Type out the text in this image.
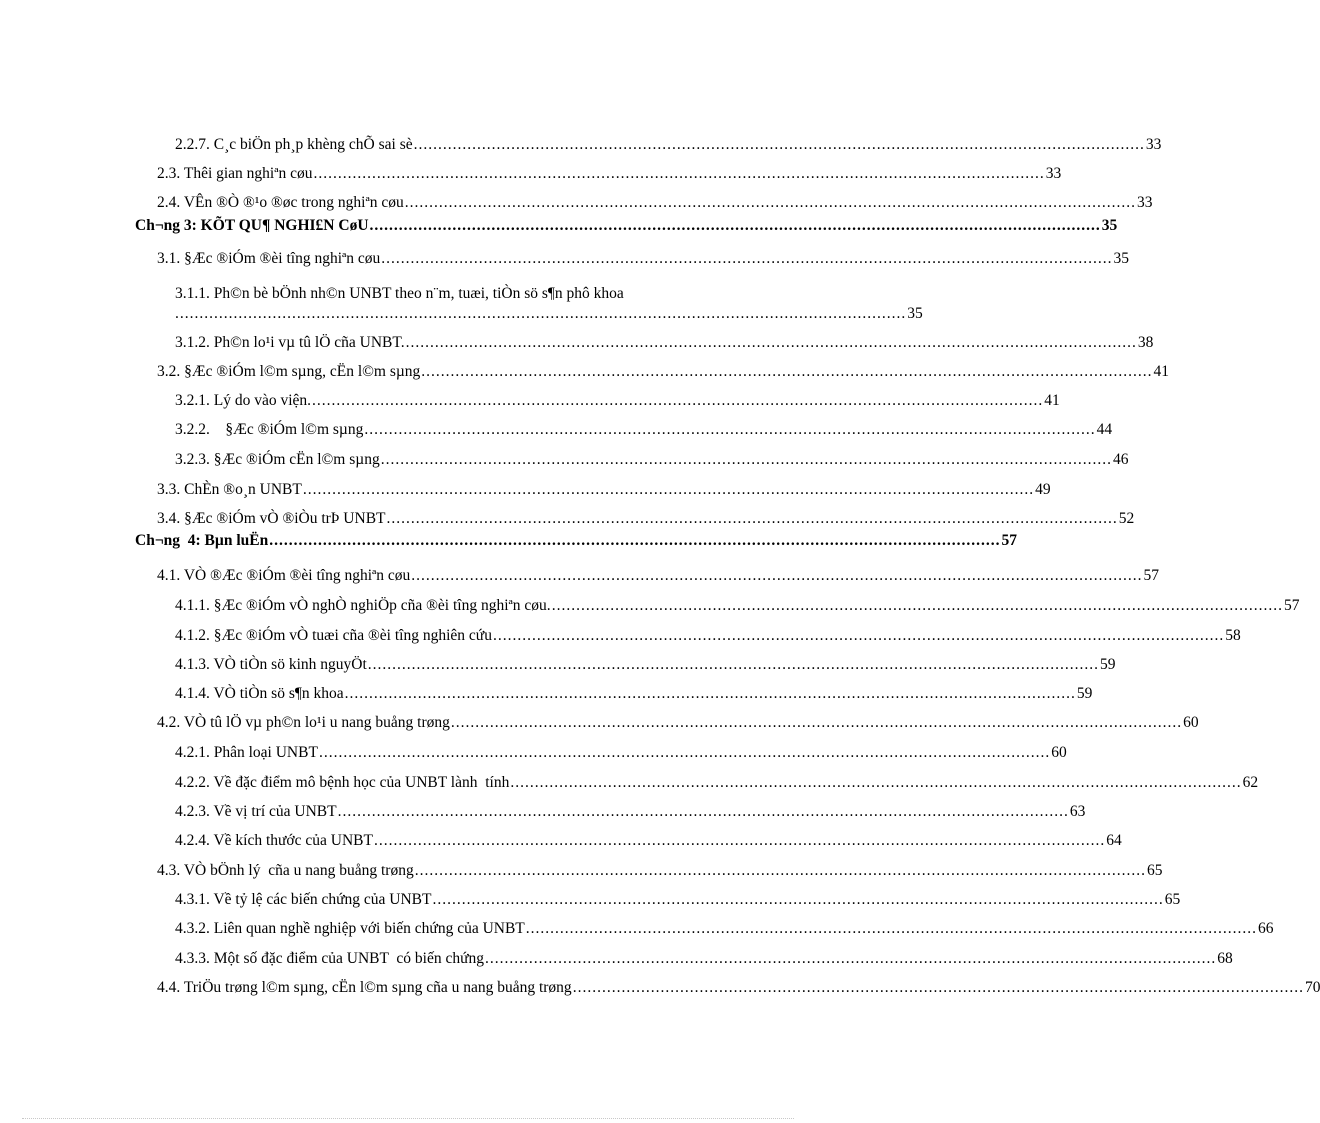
2.2.7. C¸c biÖn ph¸p khèng chÕ sai sè ...................................................................................................................................................... 33
2.3. Thêi gian nghiªn cøu ...................................................................................................................................................... 33
2.4. VÊn ®Ò ®¹o ®øc trong nghiªn cøu ...................................................................................................................................................... 33
Ch¬ng 3: KÕT QU¶ NGHI£N CøU ...................................................................................................................................................... 35
3.1. §Æc ®iÓm ®èi tîng nghiªn cøu ...................................................................................................................................................... 35
3.1.1. Ph©n bè bÖnh nh©n UNBT theo n¨m, tuæi, tiÒn sö s¶n phô khoa
...................................................................................................................................................... 35
3.1.2. Ph©n lo¹i vµ tû lÖ cña UNBT. ...................................................................................................................................................... 38
3.2. §Æc ®iÓm l©m sµng, cËn l©m sµng ...................................................................................................................................................... 41
3.2.1. Lý do vào viện. ...................................................................................................................................................... 41
3.2.2.    §Æc ®iÓm l©m sµng ...................................................................................................................................................... 44
3.2.3. §Æc ®iÓm cËn l©m sµng ...................................................................................................................................................... 46
3.3. ChÈn ®o¸n UNBT ...................................................................................................................................................... 49
3.4. §Æc ®iÓm vÒ ®iÒu trÞ UNBT ...................................................................................................................................................... 52
Ch¬ng  4: Bµn luËn ...................................................................................................................................................... 57
4.1. VÒ ®Æc ®iÓm ®èi tîng nghiªn cøu ...................................................................................................................................................... 57
4.1.1. §Æc ®iÓm vÒ nghÒ nghiÖp cña ®èi tîng nghiªn cøu. ...................................................................................................................................................... 57
4.1.2. §Æc ®iÓm vÒ tuæi cña ®èi tîng nghiên cứu ...................................................................................................................................................... 58
4.1.3. VÒ tiÒn sö kinh nguyÖt ...................................................................................................................................................... 59
4.1.4. VÒ tiÒn sö s¶n khoa ...................................................................................................................................................... 59
4.2. VÒ tû lÖ vµ ph©n lo¹i u nang buång trøng ...................................................................................................................................................... 60
4.2.1. Phân loại UNBT ...................................................................................................................................................... 60
4.2.2. Về đặc điểm mô bệnh học của UNBT lành  tính ...................................................................................................................................................... 62
4.2.3. Về vị trí của UNBT ...................................................................................................................................................... 63
4.2.4. Về kích thước của UNBT ...................................................................................................................................................... 64
4.3. VÒ bÖnh lý  cña u nang buång trøng ...................................................................................................................................................... 65
4.3.1. Về tỷ lệ các biến chứng của UNBT ...................................................................................................................................................... 65
4.3.2. Liên quan nghề nghiệp với biến chứng của UNBT ...................................................................................................................................................... 66
4.3.3. Một số đặc điểm của UNBT  có biến chứng ...................................................................................................................................................... 68
4.4. TriÖu trøng l©m sµng, cËn l©m sµng cña u nang buång trøng ...................................................................................................................................................... 70
